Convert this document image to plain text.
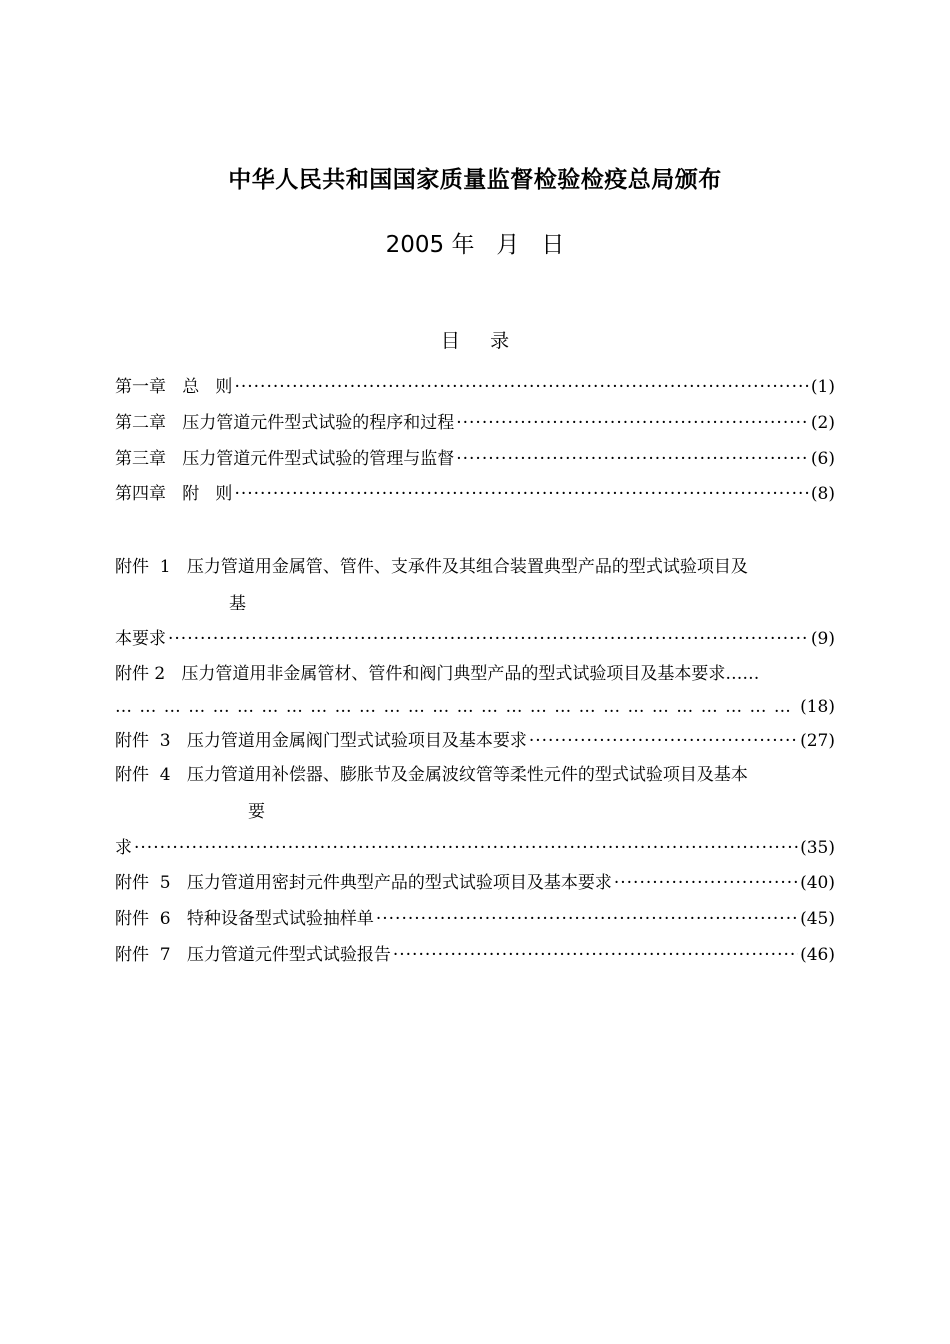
中华人民共和国国家质量监督检验检疫总局颁布
2005 年   月   日
目     录
第一章   总   则 ·····	(1)
第二章   压力管道元件型式试验的程序和过程 ·····	(2)
第三章   压力管道元件型式试验的管理与监督 ·····	(6)
第四章   附   则 ·····	(8)
附件  1   压力管道用金属管、管件、支承件及其组合装置典型产品的型式试验项目及
基
本要求 ·····	(9)
附件 2   压力管道用非金属管材、管件和阀门典型产品的型式试验项目及基本要求……
… … … … … … … … … … … … … … … … … … … … … … … … … … … … … … … … … … … … … … … … … … … … … … … … … … … … … … … … … … … … … … … … …
(18)
附件  3   压力管道用金属阀门型式试验项目及基本要求 ·····	(27)
附件  4   压力管道用补偿器、膨胀节及金属波纹管等柔性元件的型式试验项目及基本
要
求 ·····	(35)
附件  5   压力管道用密封元件典型产品的型式试验项目及基本要求 ·····	(40)
附件  6   特种设备型式试验抽样单 ·····	(45)
附件  7   压力管道元件型式试验报告 ·····	(46)
